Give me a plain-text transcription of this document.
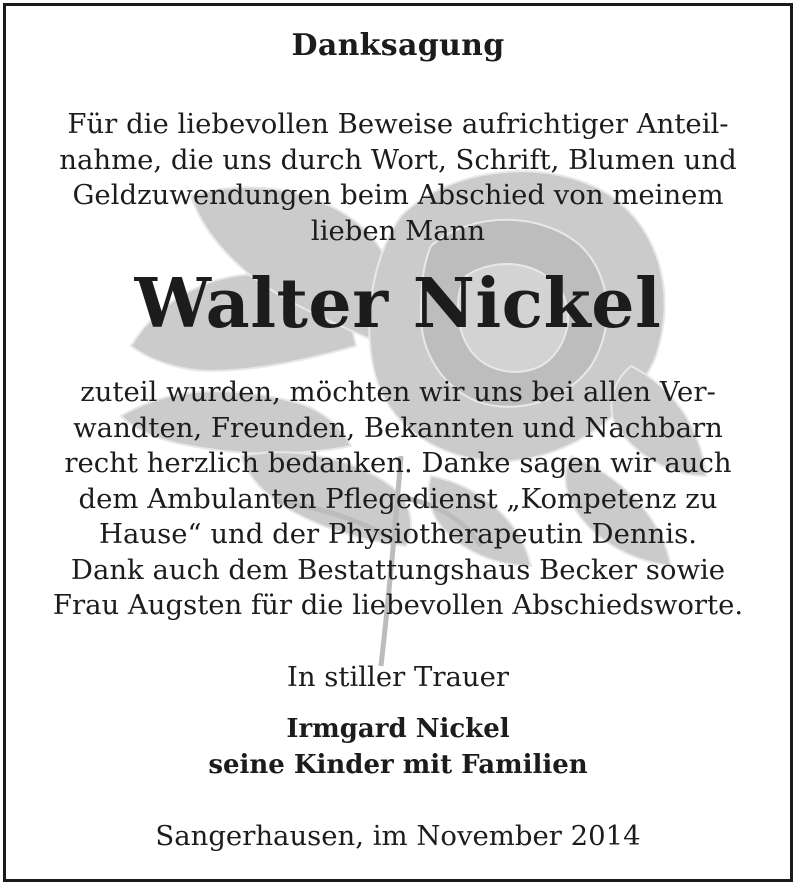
Danksagung
Für die liebevollen Beweise aufrichtiger Anteil-
nahme, die uns durch Wort, Schrift, Blumen und
Geldzuwendungen beim Abschied von meinem
lieben Mann
Walter Nickel
zuteil wurden, möchten wir uns bei allen Ver-
wandten, Freunden, Bekannten und Nachbarn
recht herzlich bedanken. Danke sagen wir auch
dem Ambulanten Pflegedienst „Kompetenz zu
Hause“ und der Physiotherapeutin Dennis.
Dank auch dem Bestattungshaus Becker sowie
Frau Augsten für die liebevollen Abschiedsworte.
In stiller Trauer
Irmgard Nickel
seine Kinder mit Familien
Sangerhausen, im November 2014
